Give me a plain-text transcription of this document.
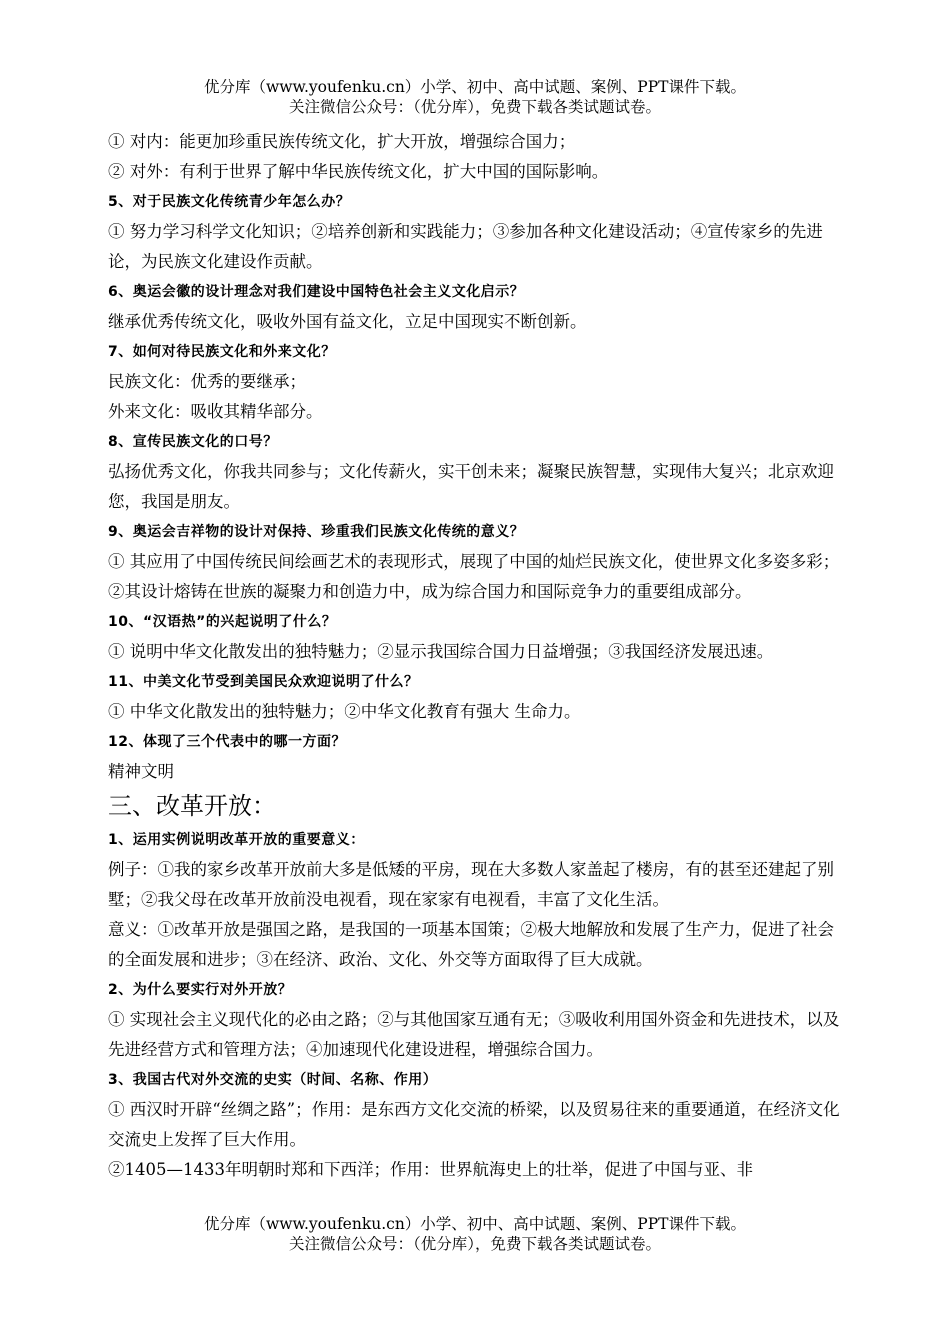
优分库（www.youfenku.cn）小学、初中、高中试题、案例、PPT课件下载。
关注微信公众号：（优分库），免费下载各类试题试卷。

① 对内：能更加珍重民族传统文化，扩大开放，增强综合国力；

② 对外：有利于世界了解中华民族传统文化，扩大中国的国际影响。

5、对于民族文化传统青少年怎么办？

① 努力学习科学文化知识；②培养创新和实践能力；③参加各种文化建设活动；④宣传家乡的先进论，为民族文化建设作贡献。

6、奥运会徽的设计理念对我们建设中国特色社会主义文化启示？

继承优秀传统文化，吸收外国有益文化，立足中国现实不断创新。

7、如何对待民族文化和外来文化？

民族文化：优秀的要继承；

外来文化：吸收其精华部分。

8、宣传民族文化的口号？

弘扬优秀文化，你我共同参与；文化传薪火，实干创未来；凝聚民族智慧，实现伟大复兴；北京欢迎您，我国是朋友。

9、奥运会吉祥物的设计对保持、珍重我们民族文化传统的意义？

① 其应用了中国传统民间绘画艺术的表现形式，展现了中国的灿烂民族文化，使世界文化多姿多彩；②其设计熔铸在世族的凝聚力和创造力中，成为综合国力和国际竞争力的重要组成部分。

10、“汉语热”的兴起说明了什么？

① 说明中华文化散发出的独特魅力；②显示我国综合国力日益增强；③我国经济发展迅速。

11、中美文化节受到美国民众欢迎说明了什么？

① 中华文化散发出的独特魅力；②中华文化教育有强大 生命力。

12、体现了三个代表中的哪一方面？

精神文明

三、改革开放：

1、运用实例说明改革开放的重要意义：

例子：①我的家乡改革开放前大多是低矮的平房，现在大多数人家盖起了楼房，有的甚至还建起了别墅；②我父母在改革开放前没电视看，现在家家有电视看，丰富了文化生活。

意义：①改革开放是强国之路，是我国的一项基本国策；②极大地解放和发展了生产力，促进了社会的全面发展和进步；③在经济、政治、文化、外交等方面取得了巨大成就。

2、为什么要实行对外开放？

① 实现社会主义现代化的必由之路；②与其他国家互通有无；③吸收利用国外资金和先进技术，以及先进经营方式和管理方法；④加速现代化建设进程，增强综合国力。

3、我国古代对外交流的史实（时间、名称、作用）

① 西汉时开辟“丝绸之路”；作用：是东西方文化交流的桥梁，以及贸易往来的重要通道，在经济文化交流史上发挥了巨大作用。

②1405—1433年明朝时郑和下西洋；作用：世界航海史上的壮举，促进了中国与亚、非

优分库（www.youfenku.cn）小学、初中、高中试题、案例、PPT课件下载。
关注微信公众号：（优分库），免费下载各类试题试卷。
